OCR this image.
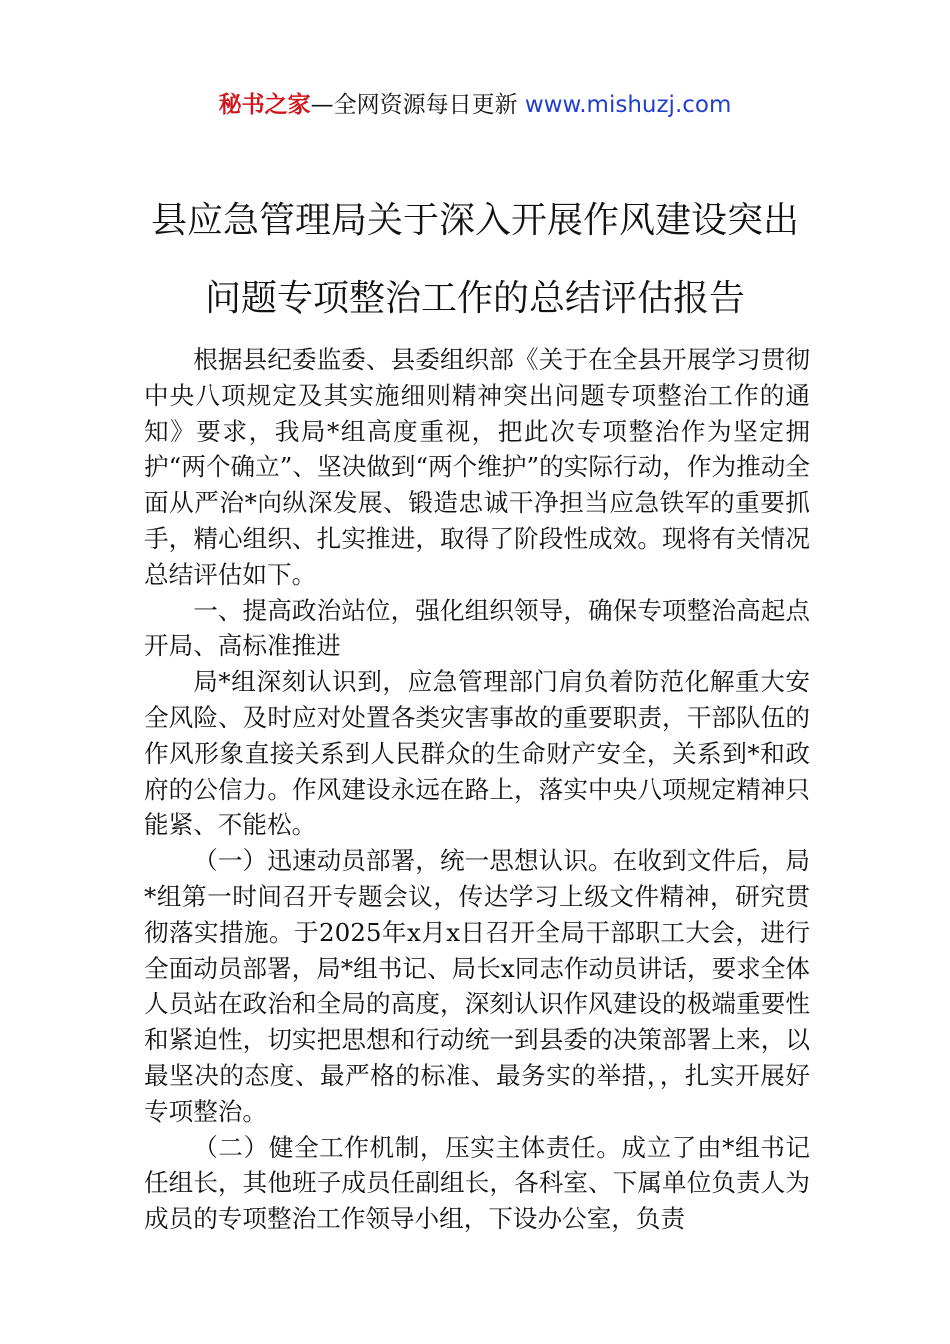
秘书之家—全网资源每日更新 www.mishuzj.com
县应急管理局关于深入开展作风建设突出
问题专项整治工作的总结评估报告

根据县纪委监委、县委组织部《关于在全县开展学习贯彻中央八项规定及其实施细则精神突出问题专项整治工作的通知》要求，我局*组高度重视，把此次专项整治作为坚定拥护“两个确立”、坚决做到“两个维护”的实际行动，作为推动全面从严治*向纵深发展、锻造忠诚干净担当应急铁军的重要抓手，精心组织、扎实推进，取得了阶段性成效。现将有关情况总结评估如下。

一、提高政治站位，强化组织领导，确保专项整治高起点开局、高标准推进

局*组深刻认识到，应急管理部门肩负着防范化解重大安全风险、及时应对处置各类灾害事故的重要职责，干部队伍的作风形象直接关系到人民群众的生命财产安全，关系到*和政府的公信力。作风建设永远在路上，落实中央八项规定精神只能紧、不能松。

（一）迅速动员部署，统一思想认识。在收到文件后，局*组第一时间召开专题会议，传达学习上级文件精神，研究贯彻落实措施。于2025年x月x日召开全局干部职工大会，进行全面动员部署，局*组书记、局长x同志作动员讲话，要求全体人员站在政治和全局的高度，深刻认识作风建设的极端重要性和紧迫性，切实把思想和行动统一到县委的决策部署上来，以最坚决的态度、最严格的标准、最务实的举措，，扎实开展好专项整治。

（二）健全工作机制，压实主体责任。成立了由*组书记任组长，其他班子成员任副组长，各科室、下属单位负责人为成员的专项整治工作领导小组，下设办公室，负责
